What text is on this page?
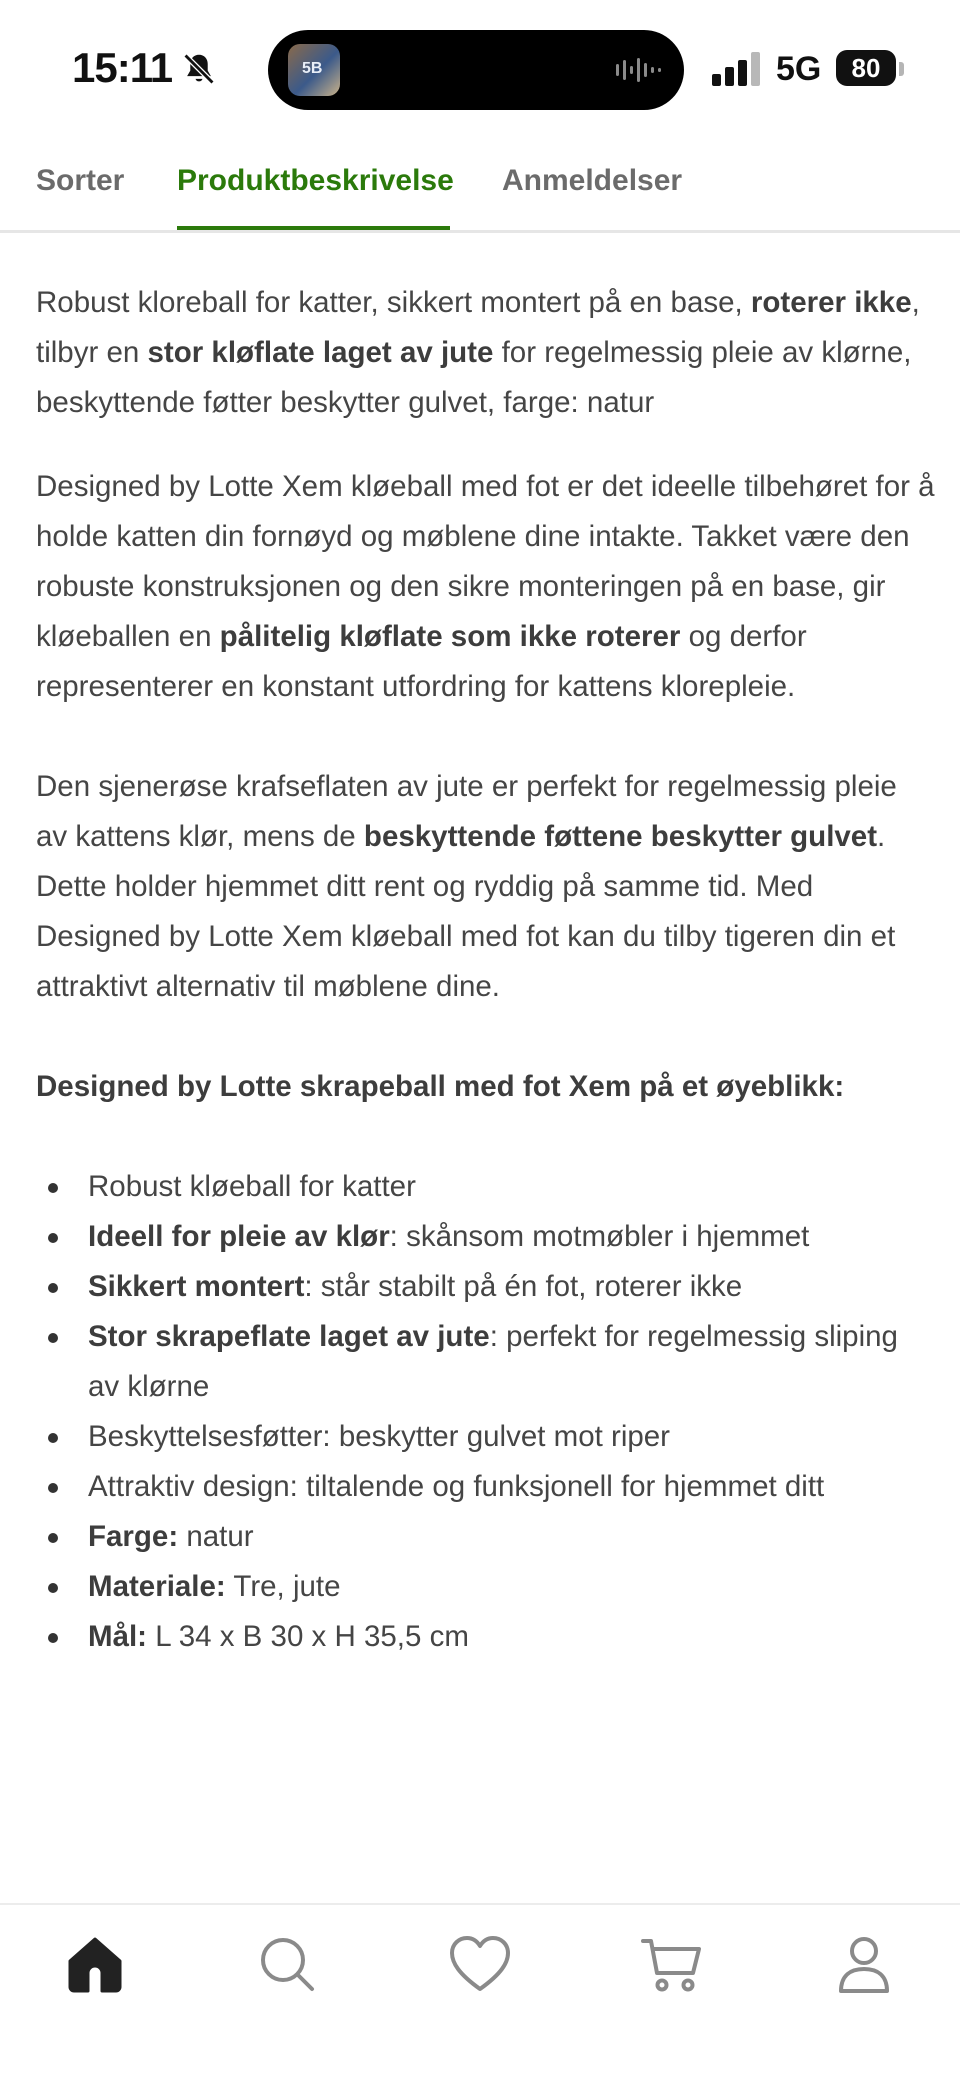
15:11	5B	5G	80
Sorter Produktbeskrivelse Anmeldelser

Robust kloreball for katter, sikkert montert på en base, roterer ikke, tilbyr en stor kløflate laget av jute for regelmessig pleie av klørne, beskyttende føtter beskytter gulvet, farge: natur

Designed by Lotte Xem kløeball med fot er det ideelle tilbehøret for å holde katten din fornøyd og møblene dine intakte. Takket være den robuste konstruksjonen og den sikre monteringen på en base, gir kløeballen en pålitelig kløflate som ikke roterer og derfor representerer en konstant utfordring for kattens klorepleie.

Den sjenerøse krafseflaten av jute er perfekt for regelmessig pleie av kattens klør, mens de beskyttende føttene beskytter gulvet. Dette holder hjemmet ditt rent og ryddig på samme tid. Med Designed by Lotte Xem kløeball med fot kan du tilby tigeren din et attraktivt alternativ til møblene dine.

Designed by Lotte skrapeball med fot Xem på et øyeblikk:

Robust kløeball for katter
Ideell for pleie av klør: skånsom motmøbler i hjemmet
Sikkert montert: står stabilt på én fot, roterer ikke
Stor skrapeflate laget av jute: perfekt for regelmessig sliping av klørne
Beskyttelsesføtter: beskytter gulvet mot riper
Attraktiv design: tiltalende og funksjonell for hjemmet ditt
Farge: natur
Materiale: Tre, jute
Mål: L 34 x B 30 x H 35,5 cm
